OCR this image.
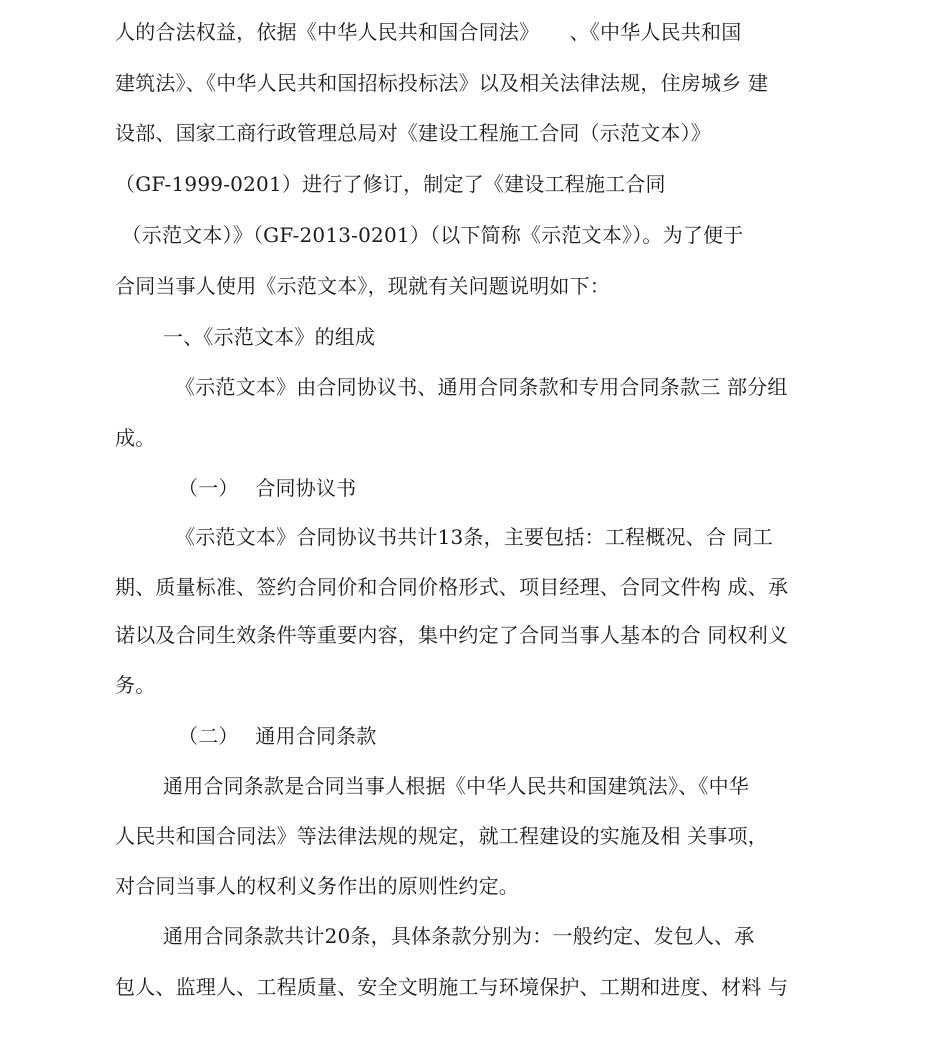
人的合法权益，依据《中华人民共和国合同法》　　、《中华人民共和国
建筑法》、《中华人民共和国招标投标法》以及相关法律法规，住房城乡 建
设部、国家工商行政管理总局对《建设工程施工合同（示范文本）》
（GF-1999-0201）进行了修订，制定了《建设工程施工合同
（示范文本）》（GF-2013-0201）（以下简称《示范文本》）。为了便于
合同当事人使用《示范文本》，现就有关问题说明如下：
一、《示范文本》的组成
《示范文本》由合同协议书、通用合同条款和专用合同条款三 部分组
成。
（一）　 合同协议书
《示范文本》合同协议书共计13条，主要包括：工程概况、合 同工
期、质量标准、签约合同价和合同价格形式、项目经理、合同文件构 成、承
诺以及合同生效条件等重要内容，集中约定了合同当事人基本的合 同权利义
务。
（二）　 通用合同条款
通用合同条款是合同当事人根据《中华人民共和国建筑法》、《中华
人民共和国合同法》等法律法规的规定，就工程建设的实施及相 关事项，
对合同当事人的权利义务作出的原则性约定。
通用合同条款共计20条，具体条款分别为：一般约定、发包人、承
包人、监理人、工程质量、安全文明施工与环境保护、工期和进度、材料 与
